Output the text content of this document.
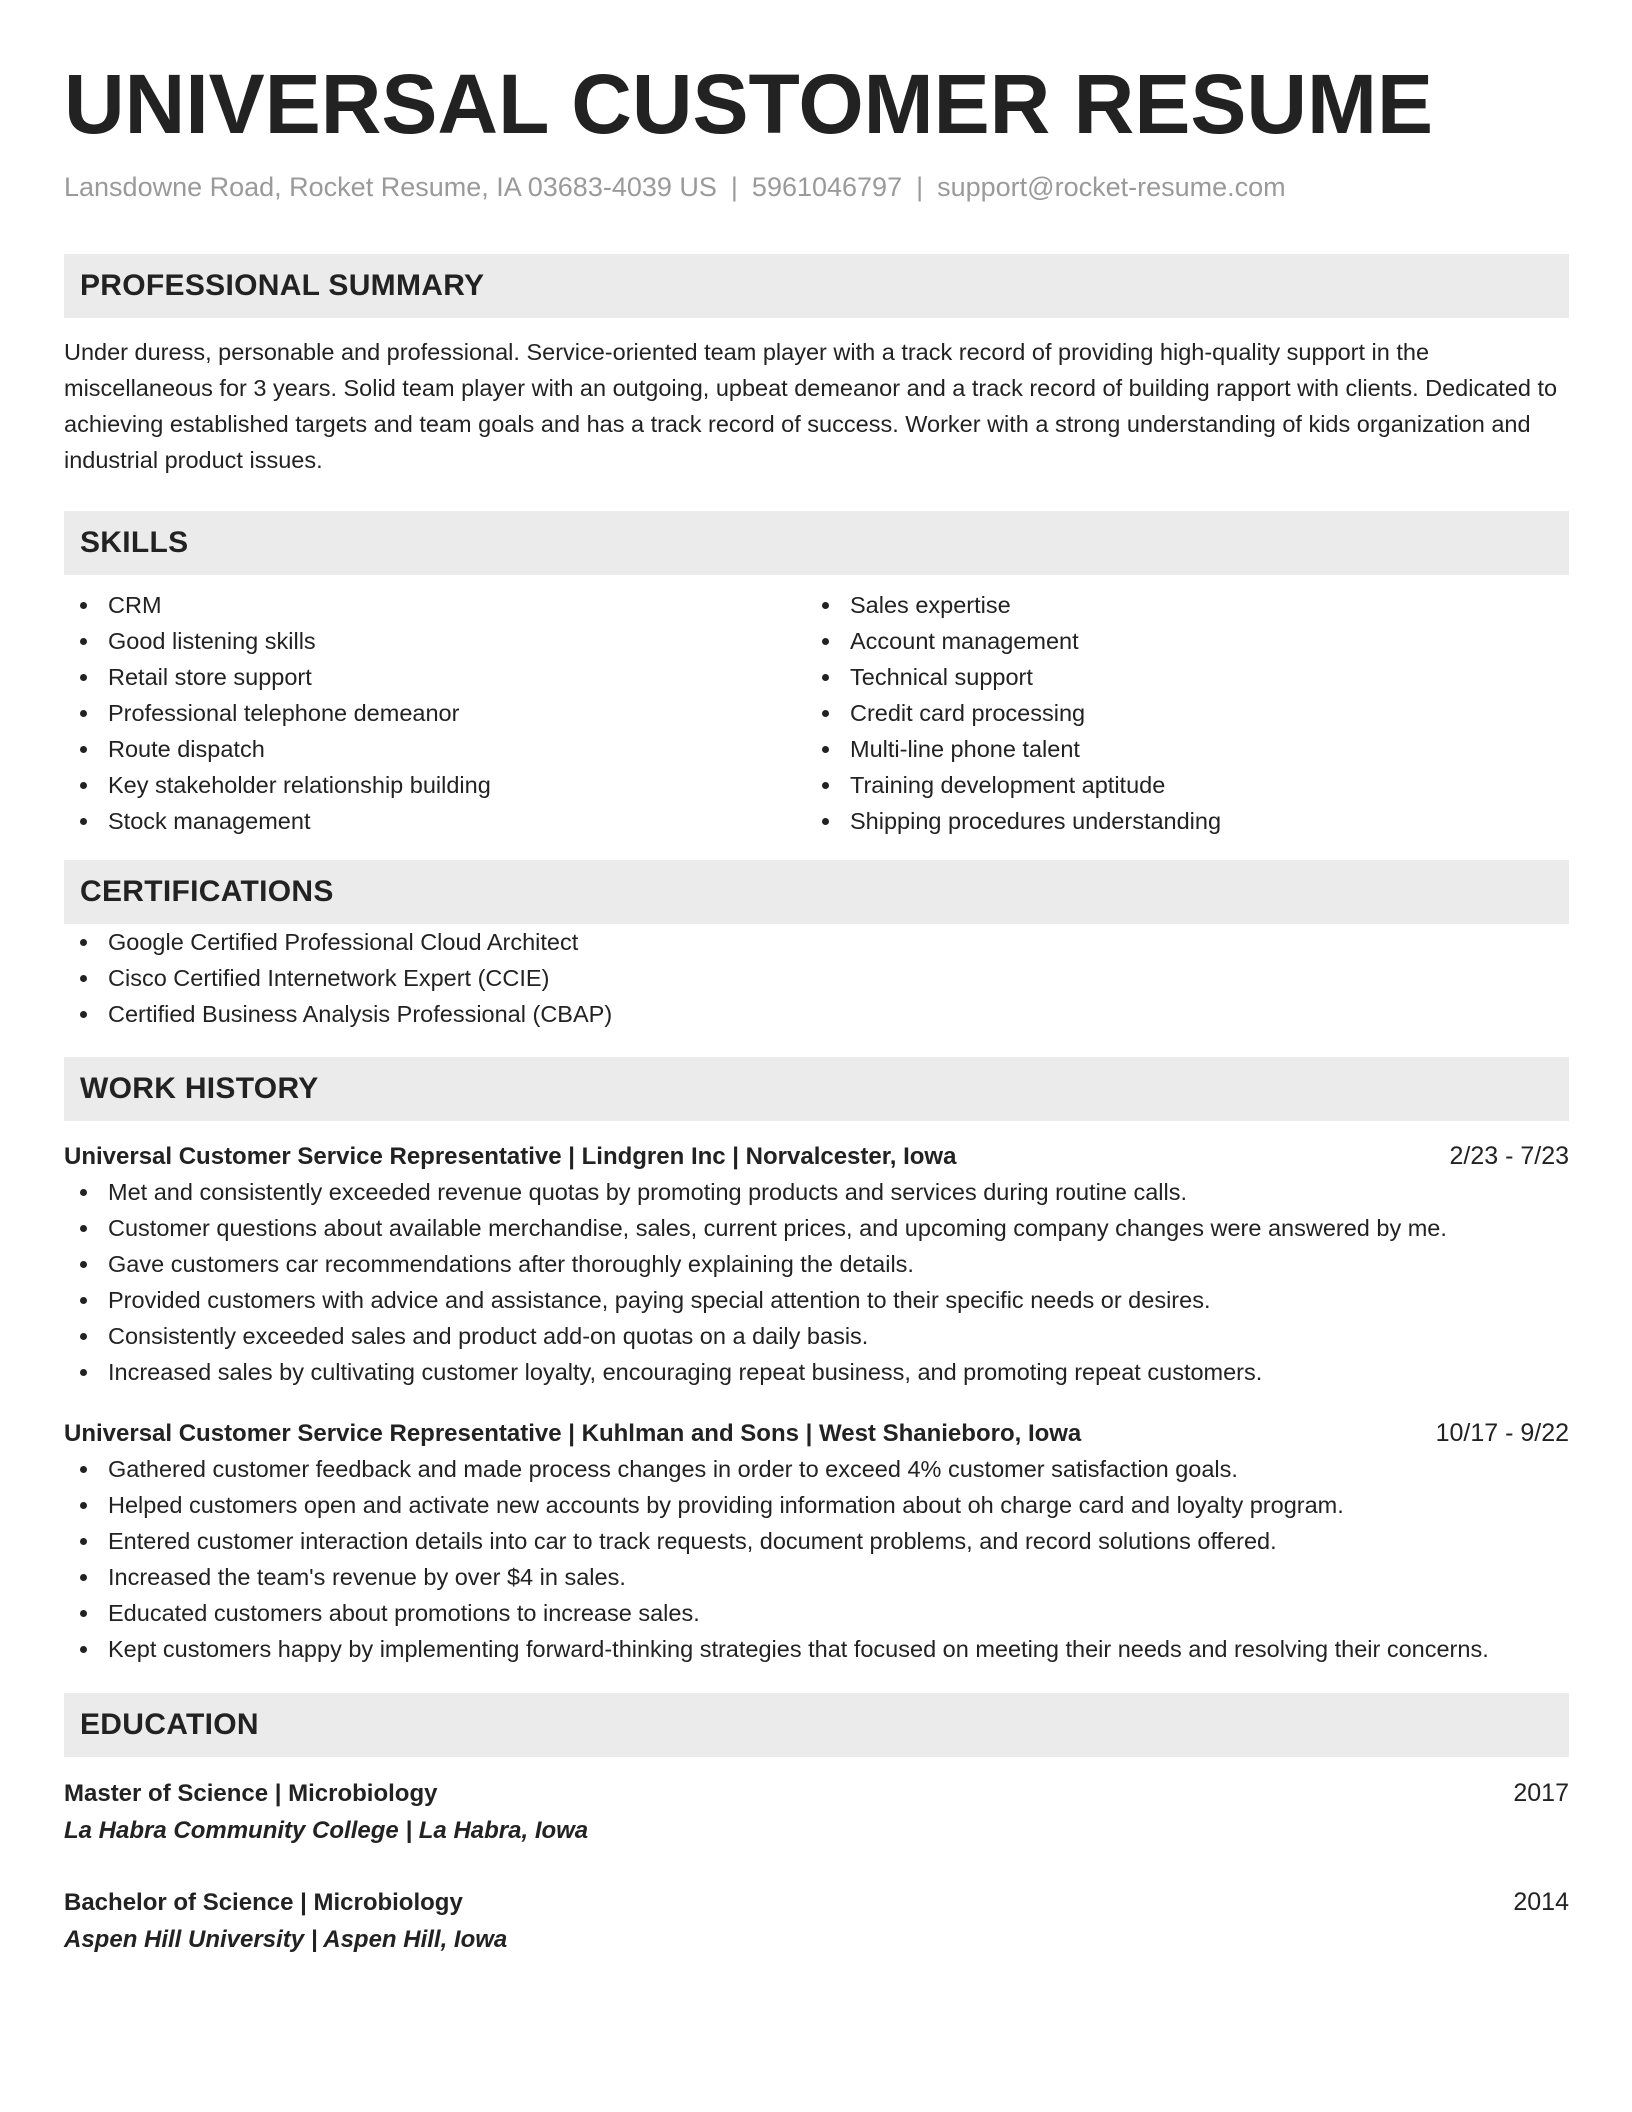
UNIVERSAL CUSTOMER RESUME
Lansdowne Road, Rocket Resume, IA 03683-4039 US | 5961046797 | support@rocket-resume.com
PROFESSIONAL SUMMARY

Under duress, personable and professional. Service-oriented team player with a track record of providing high-quality support in the miscellaneous for 3 years. Solid team player with an outgoing, upbeat demeanor and a track record of building rapport with clients. Dedicated to achieving established targets and team goals and has a track record of success. Worker with a strong understanding of kids organization and industrial product issues.

SKILLS
CRM
Good listening skills
Retail store support
Professional telephone demeanor
Route dispatch
Key stakeholder relationship building
Stock management
Sales expertise
Account management
Technical support
Credit card processing
Multi-line phone talent
Training development aptitude
Shipping procedures understanding
CERTIFICATIONS
Google Certified Professional Cloud Architect
Cisco Certified Internetwork Expert (CCIE)
Certified Business Analysis Professional (CBAP)
WORK HISTORY
Universal Customer Service Representative | Lindgren Inc | Norvalcester, Iowa	2/23 - 7/23
Met and consistently exceeded revenue quotas by promoting products and services during routine calls.
Customer questions about available merchandise, sales, current prices, and upcoming company changes were answered by me.
Gave customers car recommendations after thoroughly explaining the details.
Provided customers with advice and assistance, paying special attention to their specific needs or desires.
Consistently exceeded sales and product add-on quotas on a daily basis.
Increased sales by cultivating customer loyalty, encouraging repeat business, and promoting repeat customers.
Universal Customer Service Representative | Kuhlman and Sons | West Shanieboro, Iowa	10/17 - 9/22
Gathered customer feedback and made process changes in order to exceed 4% customer satisfaction goals.
Helped customers open and activate new accounts by providing information about oh charge card and loyalty program.
Entered customer interaction details into car to track requests, document problems, and record solutions offered.
Increased the team's revenue by over $4 in sales.
Educated customers about promotions to increase sales.
Kept customers happy by implementing forward-thinking strategies that focused on meeting their needs and resolving their concerns.
EDUCATION
Master of Science | Microbiology	2017
La Habra Community College | La Habra, Iowa
Bachelor of Science | Microbiology	2014
Aspen Hill University | Aspen Hill, Iowa
